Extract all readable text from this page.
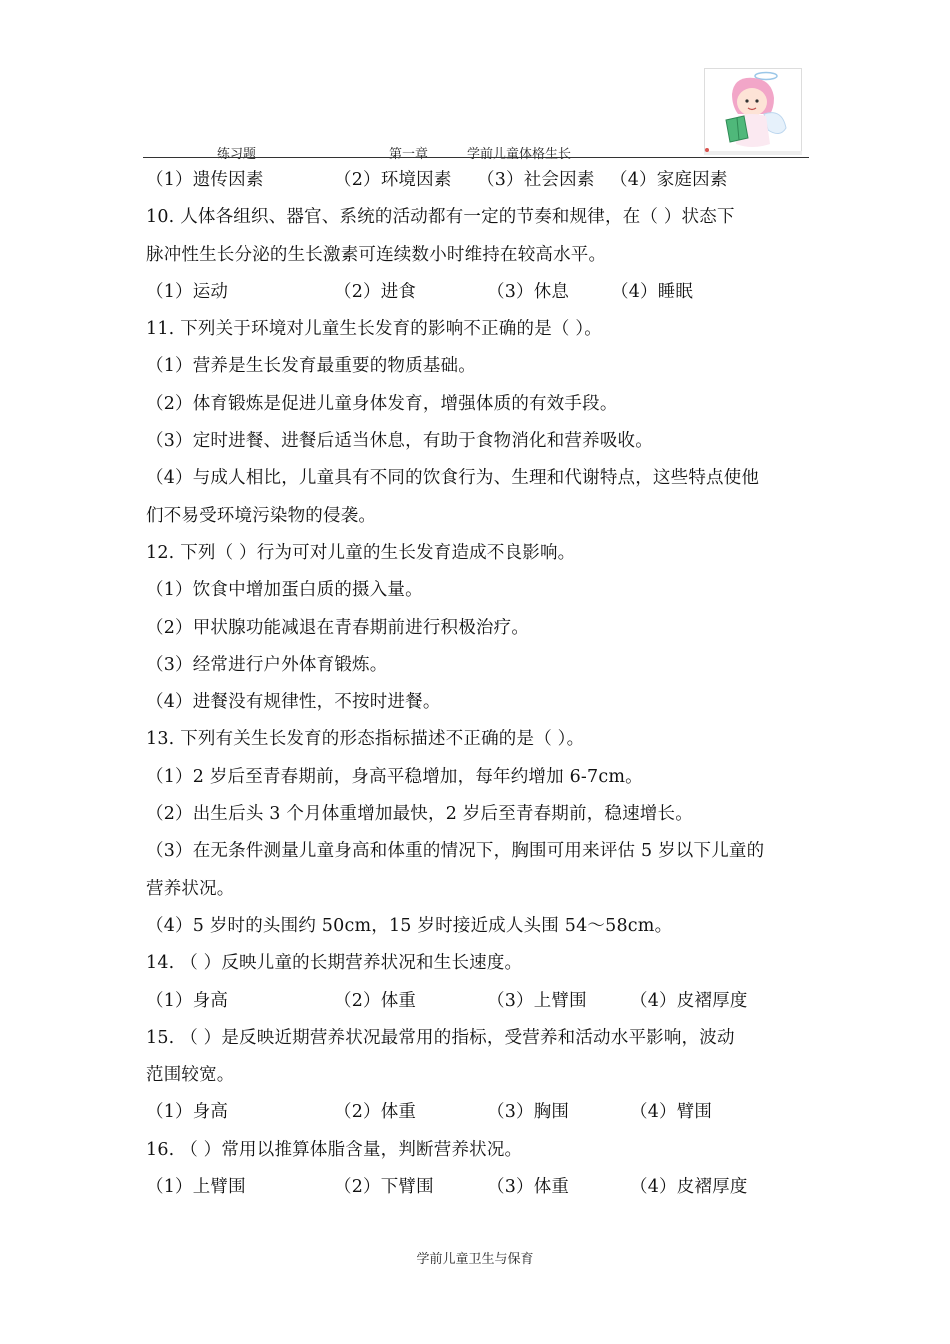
练习题	第一章	学前儿童体格生长
（1）遗传因素	（2）环境因素	（3）社会因素 （4）家庭因素
10. 人体各组织、器官、系统的活动都有一定的节奏和规律，在（ ）状态下
脉冲性生长分泌的生长激素可连续数小时维持在较高水平。
（1）运动	（2）进食	（3）休息	（4）睡眠
11. 下列关于环境对儿童生长发育的影响不正确的是（ ）。
（1）营养是生长发育最重要的物质基础。
（2）体育锻炼是促进儿童身体发育，增强体质的有效手段。
（3）定时进餐、进餐后适当休息，有助于食物消化和营养吸收。
（4）与成人相比，儿童具有不同的饮食行为、生理和代谢特点，这些特点使他
们不易受环境污染物的侵袭。
12. 下列（ ）行为可对儿童的生长发育造成不良影响。
（1）饮食中增加蛋白质的摄入量。
（2）甲状腺功能减退在青春期前进行积极治疗。
（3）经常进行户外体育锻炼。
（4）进餐没有规律性，不按时进餐。
13. 下列有关生长发育的形态指标描述不正确的是（ ）。
（1）2 岁后至青春期前，身高平稳增加，每年约增加 6-7cm。
（2）出生后头 3 个月体重增加最快，2 岁后至青春期前，稳速增长。
（3）在无条件测量儿童身高和体重的情况下，胸围可用来评估 5 岁以下儿童的
营养状况。
（4）5 岁时的头围约 50cm，15 岁时接近成人头围 54～58cm。
14. （ ）反映儿童的长期营养状况和生长速度。
（1）身高	（2）体重	（3）上臂围	（4）皮褶厚度
15. （ ）是反映近期营养状况最常用的指标，受营养和活动水平影响，波动
范围较宽。
（1）身高	（2）体重	（3）胸围	（4）臂围
16. （ ）常用以推算体脂含量，判断营养状况。
（1）上臂围	（2）下臂围	（3）体重	（4）皮褶厚度
学前儿童卫生与保育
